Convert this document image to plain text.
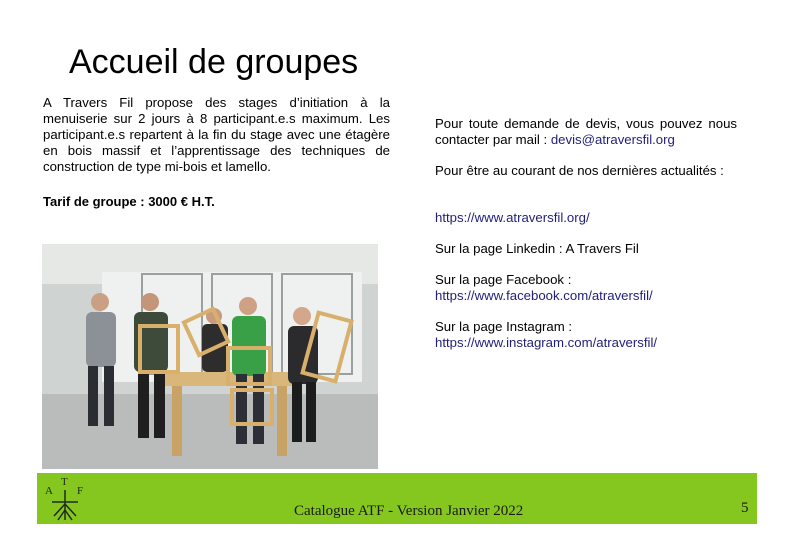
Accueil de groupes

A Travers Fil propose des stages d’initiation à la menuiserie sur 2 jours à 8 participant.e.s maximum. Les participant.e.s repartent à la fin du stage avec une étagère en bois massif et l’apprentissage des techniques de construction de type mi-bois et lamello.

Tarif de groupe : 3000 € H.T.

Pour toute demande de devis, vous pouvez nous contacter par mail : devis@atraversfil.org

Pour être au courant de nos dernières actualités :

https://www.atraversfil.org/

Sur la page Linkedin : A Travers Fil

Sur la page Facebook :

https://www.facebook.com/atraversfil/

Sur la page Instagram :

https://www.instagram.com/atraversfil/

A
T
F
Catalogue ATF - Version Janvier 2022	5
